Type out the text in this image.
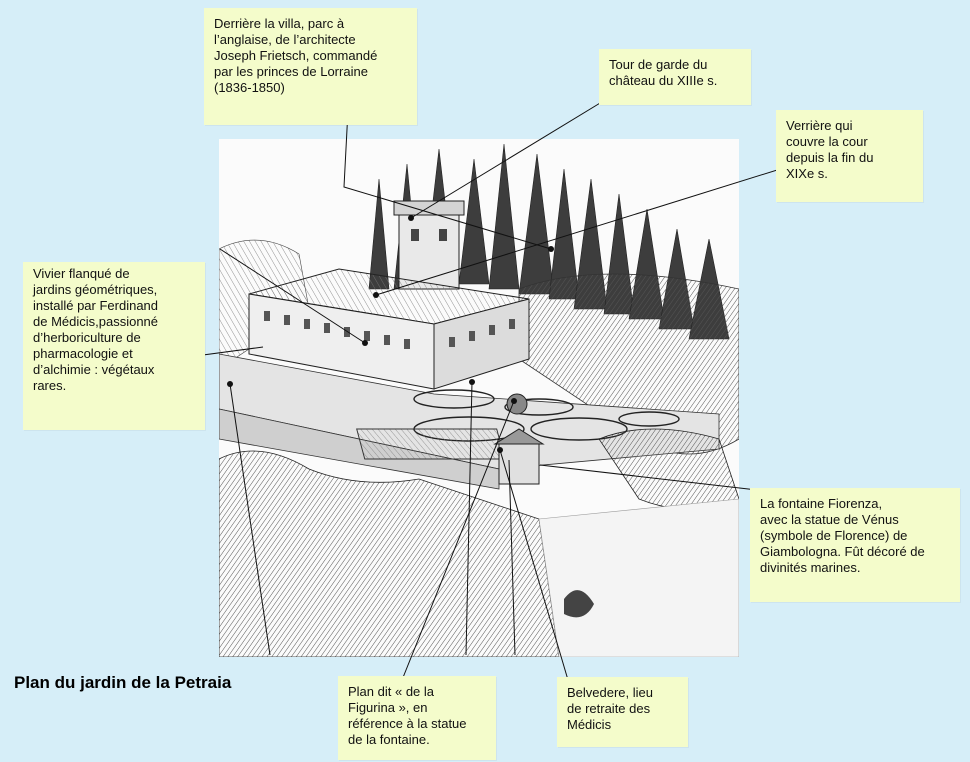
Derrière la villa, parc à
l’anglaise, de l’architecte
Joseph Frietsch, commandé
par les princes de Lorraine
(1836-1850)
Tour de garde du
château du XIIIe s.
Verrière qui
couvre la cour
depuis la fin du
XIXe s.
Vivier flanqué de
jardins géométriques,
installé par Ferdinand
de Médicis,passionné
d’herboriculture de
pharmacologie et
d’alchimie : végétaux
rares.
La fontaine Fiorenza,
avec la statue de Vénus
(symbole de Florence) de
Giambologna. Fût décoré de
divinités marines.
Plan dit « de la
Figurina », en
référence à la statue
de la fontaine.
Belvedere, lieu
de retraite des
Médicis
Plan du jardin de la Petraia
